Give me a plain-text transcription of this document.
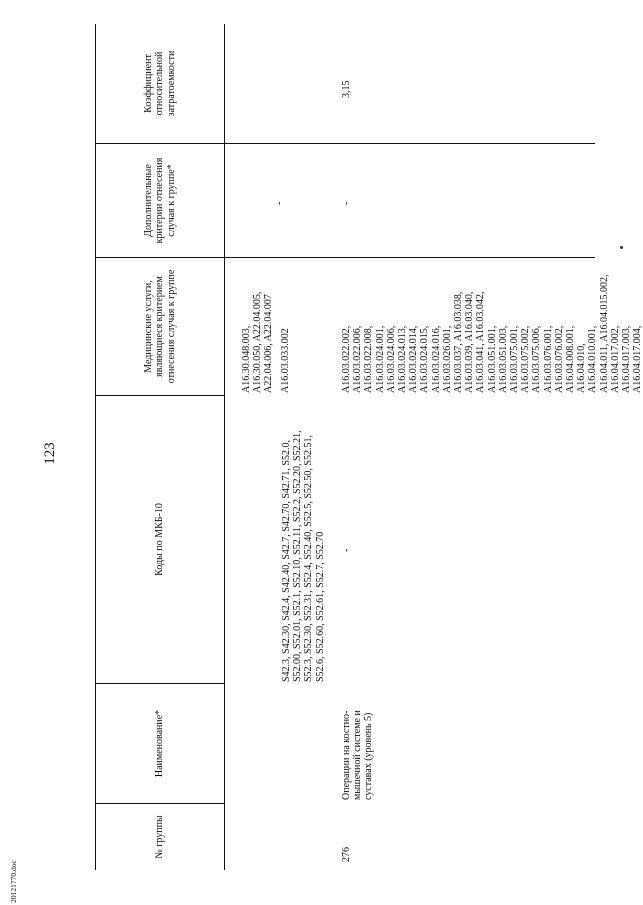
123
20121770.doc
№ группы
Наименование*
Коды по МКБ-10
Медицинские услуги, являющиеся критерием отнесения случая к группе
Дополнительные критерии отнесения случая к группе*
Коэффициент относительной затратоемкости
A16.30.048.003, A16.30.050, A22.04.005, A22.04.006, A22.04.007
S42.3, S42.30, S42.4, S42.40, S42.7, S42.70, S42.71, S52.0, S52.00, S52.01, S52.1, S52.10, S52.11, S52.2, S52.20, S52.21, S52.3, S52.30, S52.31, S52.4, S52.40, S52.5, S52.50, S52.51, S52.6, S52.60, S52.61, S52.7, S52.70
A16.03.033.002
-
276
Операции на костно-мышечной системе и суставах (уровень 5)
-
A16.03.022.002, A16.03.022.006, A16.03.022.008, A16.03.024.001, A16.03.024.006, A16.03.024.013, A16.03.024.014, A16.03.024.015, A16.03.024.016, A16.03.026.001, A16.03.037, A16.03.038, A16.03.039, A16.03.040, A16.03.041, A16.03.042, A16.03.051.001, A16.03.051.003, A16.03.075.001, A16.03.075.002, A16.03.075.006, A16.03.076.001, A16.03.076.002, A16.04.008.001, A16.04.010, A16.04.010.001, A16.04.011, A16.04.015.002, A16.04.017.002, A16.04.017.003, A16.04.017.004,
-
3,15
